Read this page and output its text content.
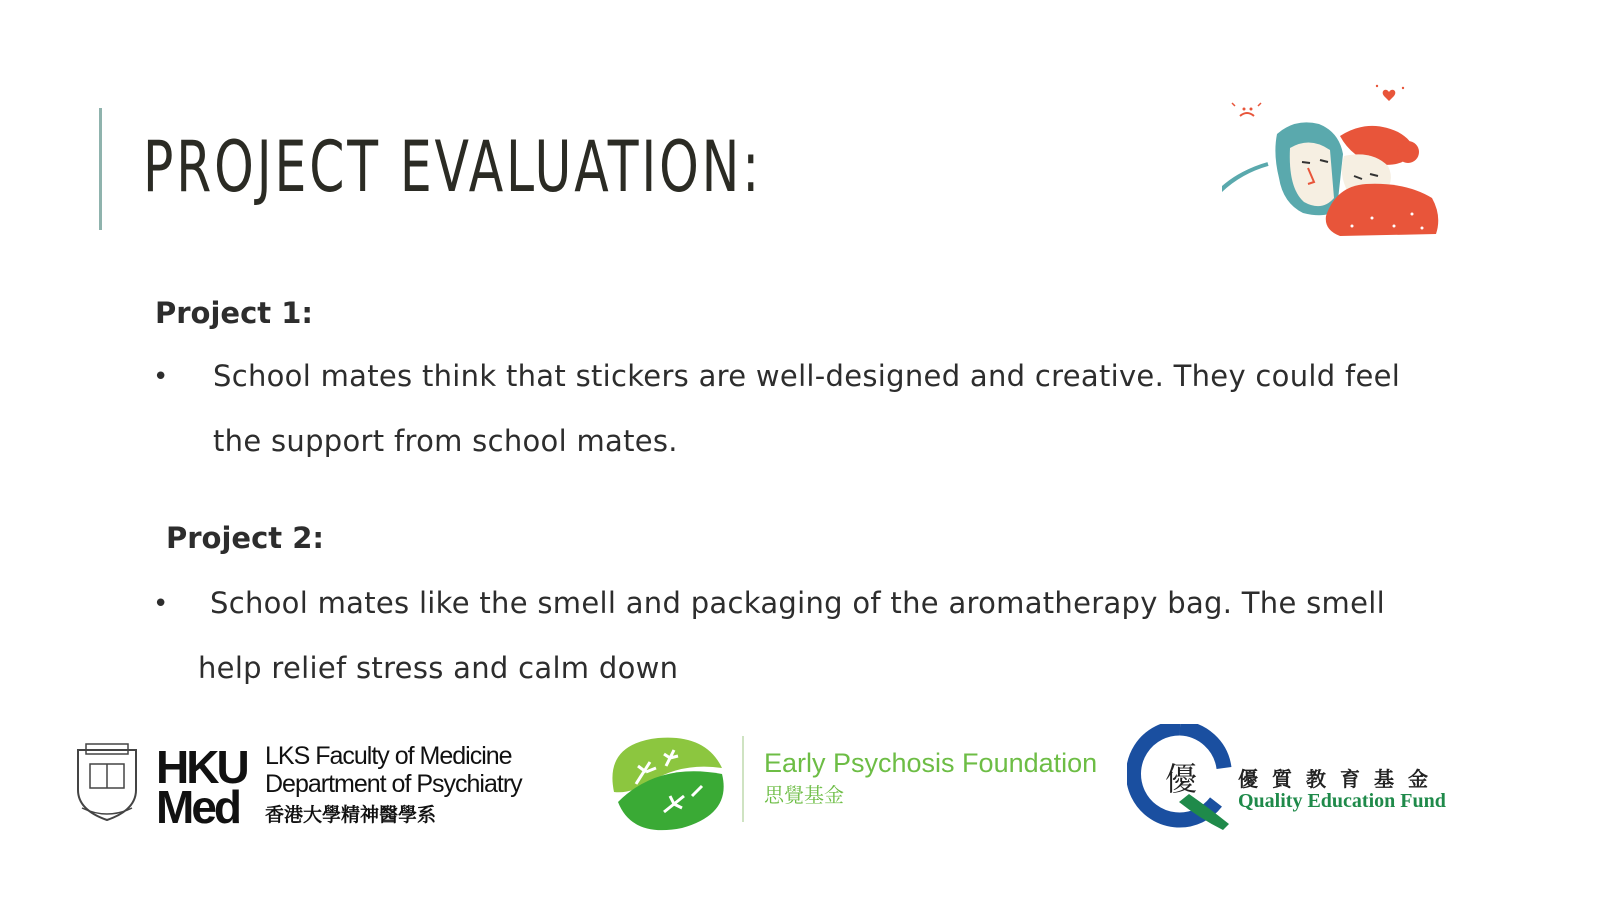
PROJECT EVALUATION:
Project 1:
• School mates think that stickers are well-designed and creative. They could feel
the support from school mates.
Project 2:
• School mates like the smell and packaging of the aromatherapy bag. The smell
help relief stress and calm down
HKU
Med
LKS Faculty of Medicine
Department of Psychiatry
香港大學精神醫學系
Early Psychosis Foundation
思覺基金	優 優質教育基金
Quality Education Fund
